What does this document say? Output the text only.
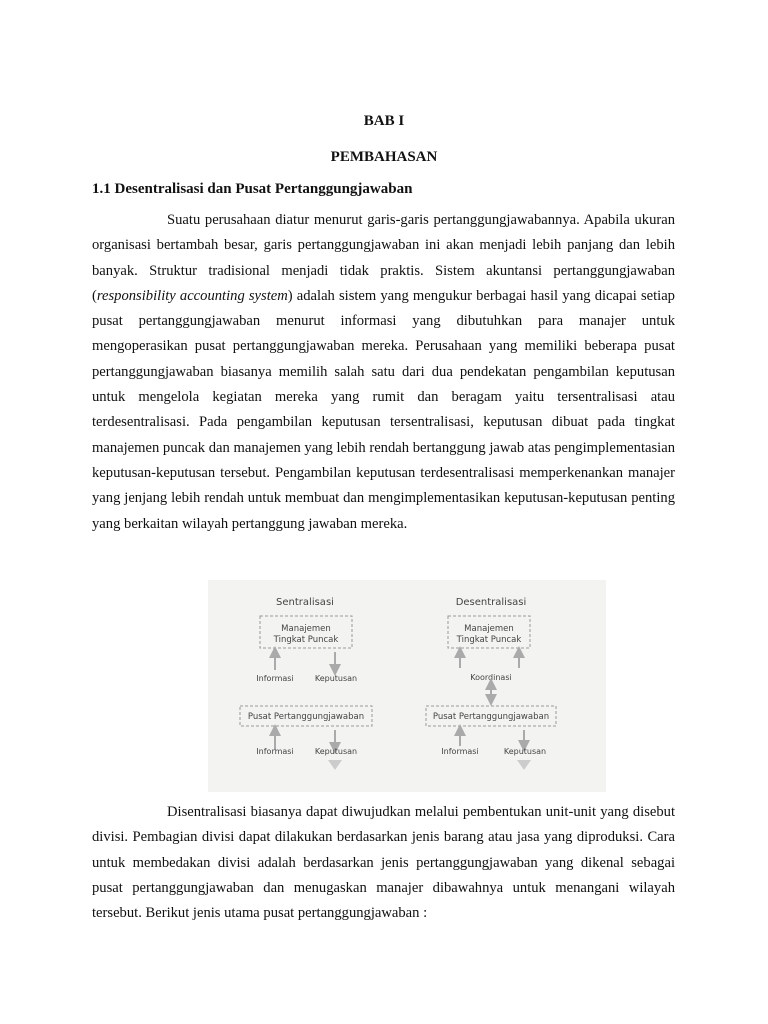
BAB I
PEMBAHASAN
1.1 Desentralisasi dan Pusat Pertanggungjawaban

Suatu perusahaan diatur menurut garis-garis pertanggungjawabannya. Apabila ukuran organisasi bertambah besar, garis pertanggungjawaban ini akan menjadi lebih panjang dan lebih banyak. Struktur tradisional menjadi tidak praktis. Sistem akuntansi pertanggungjawaban (responsibility accounting system) adalah sistem yang mengukur berbagai hasil yang dicapai setiap pusat pertanggungjawaban menurut informasi yang dibutuhkan para manajer untuk mengoperasikan pusat pertanggungjawaban mereka. Perusahaan yang memiliki beberapa pusat pertanggungjawaban biasanya memilih salah satu dari dua pendekatan pengambilan keputusan untuk mengelola kegiatan mereka yang rumit dan beragam yaitu tersentralisasi atau terdesentralisasi. Pada pengambilan keputusan tersentralisasi, keputusan dibuat pada tingkat manajemen puncak dan manajemen yang lebih rendah bertanggung jawab atas pengimplementasian keputusan-keputusan tersebut. Pengambilan keputusan terdesentralisasi memperkenankan manajer yang jenjang lebih rendah untuk membuat dan mengimplementasikan keputusan-keputusan penting yang berkaitan wilayah pertanggung jawaban mereka.

Sentralisasi
Manajemen
Tingkat Puncak
Informasi	Keputusan
Pusat Pertanggungjawaban
Informasi	Keputusan
Desentralisasi
Manajemen
Tingkat Puncak
Koordinasi
Pusat Pertanggungjawaban
Informasi	Keputusan

Disentralisasi biasanya dapat diwujudkan melalui pembentukan unit-unit yang disebut divisi. Pembagian divisi dapat dilakukan berdasarkan jenis barang atau jasa yang diproduksi. Cara untuk membedakan divisi adalah berdasarkan jenis pertanggungjawaban yang dikenal sebagai pusat pertanggungjawaban dan menugaskan manajer dibawahnya untuk menangani wilayah tersebut. Berikut jenis utama pusat pertanggungjawaban :
